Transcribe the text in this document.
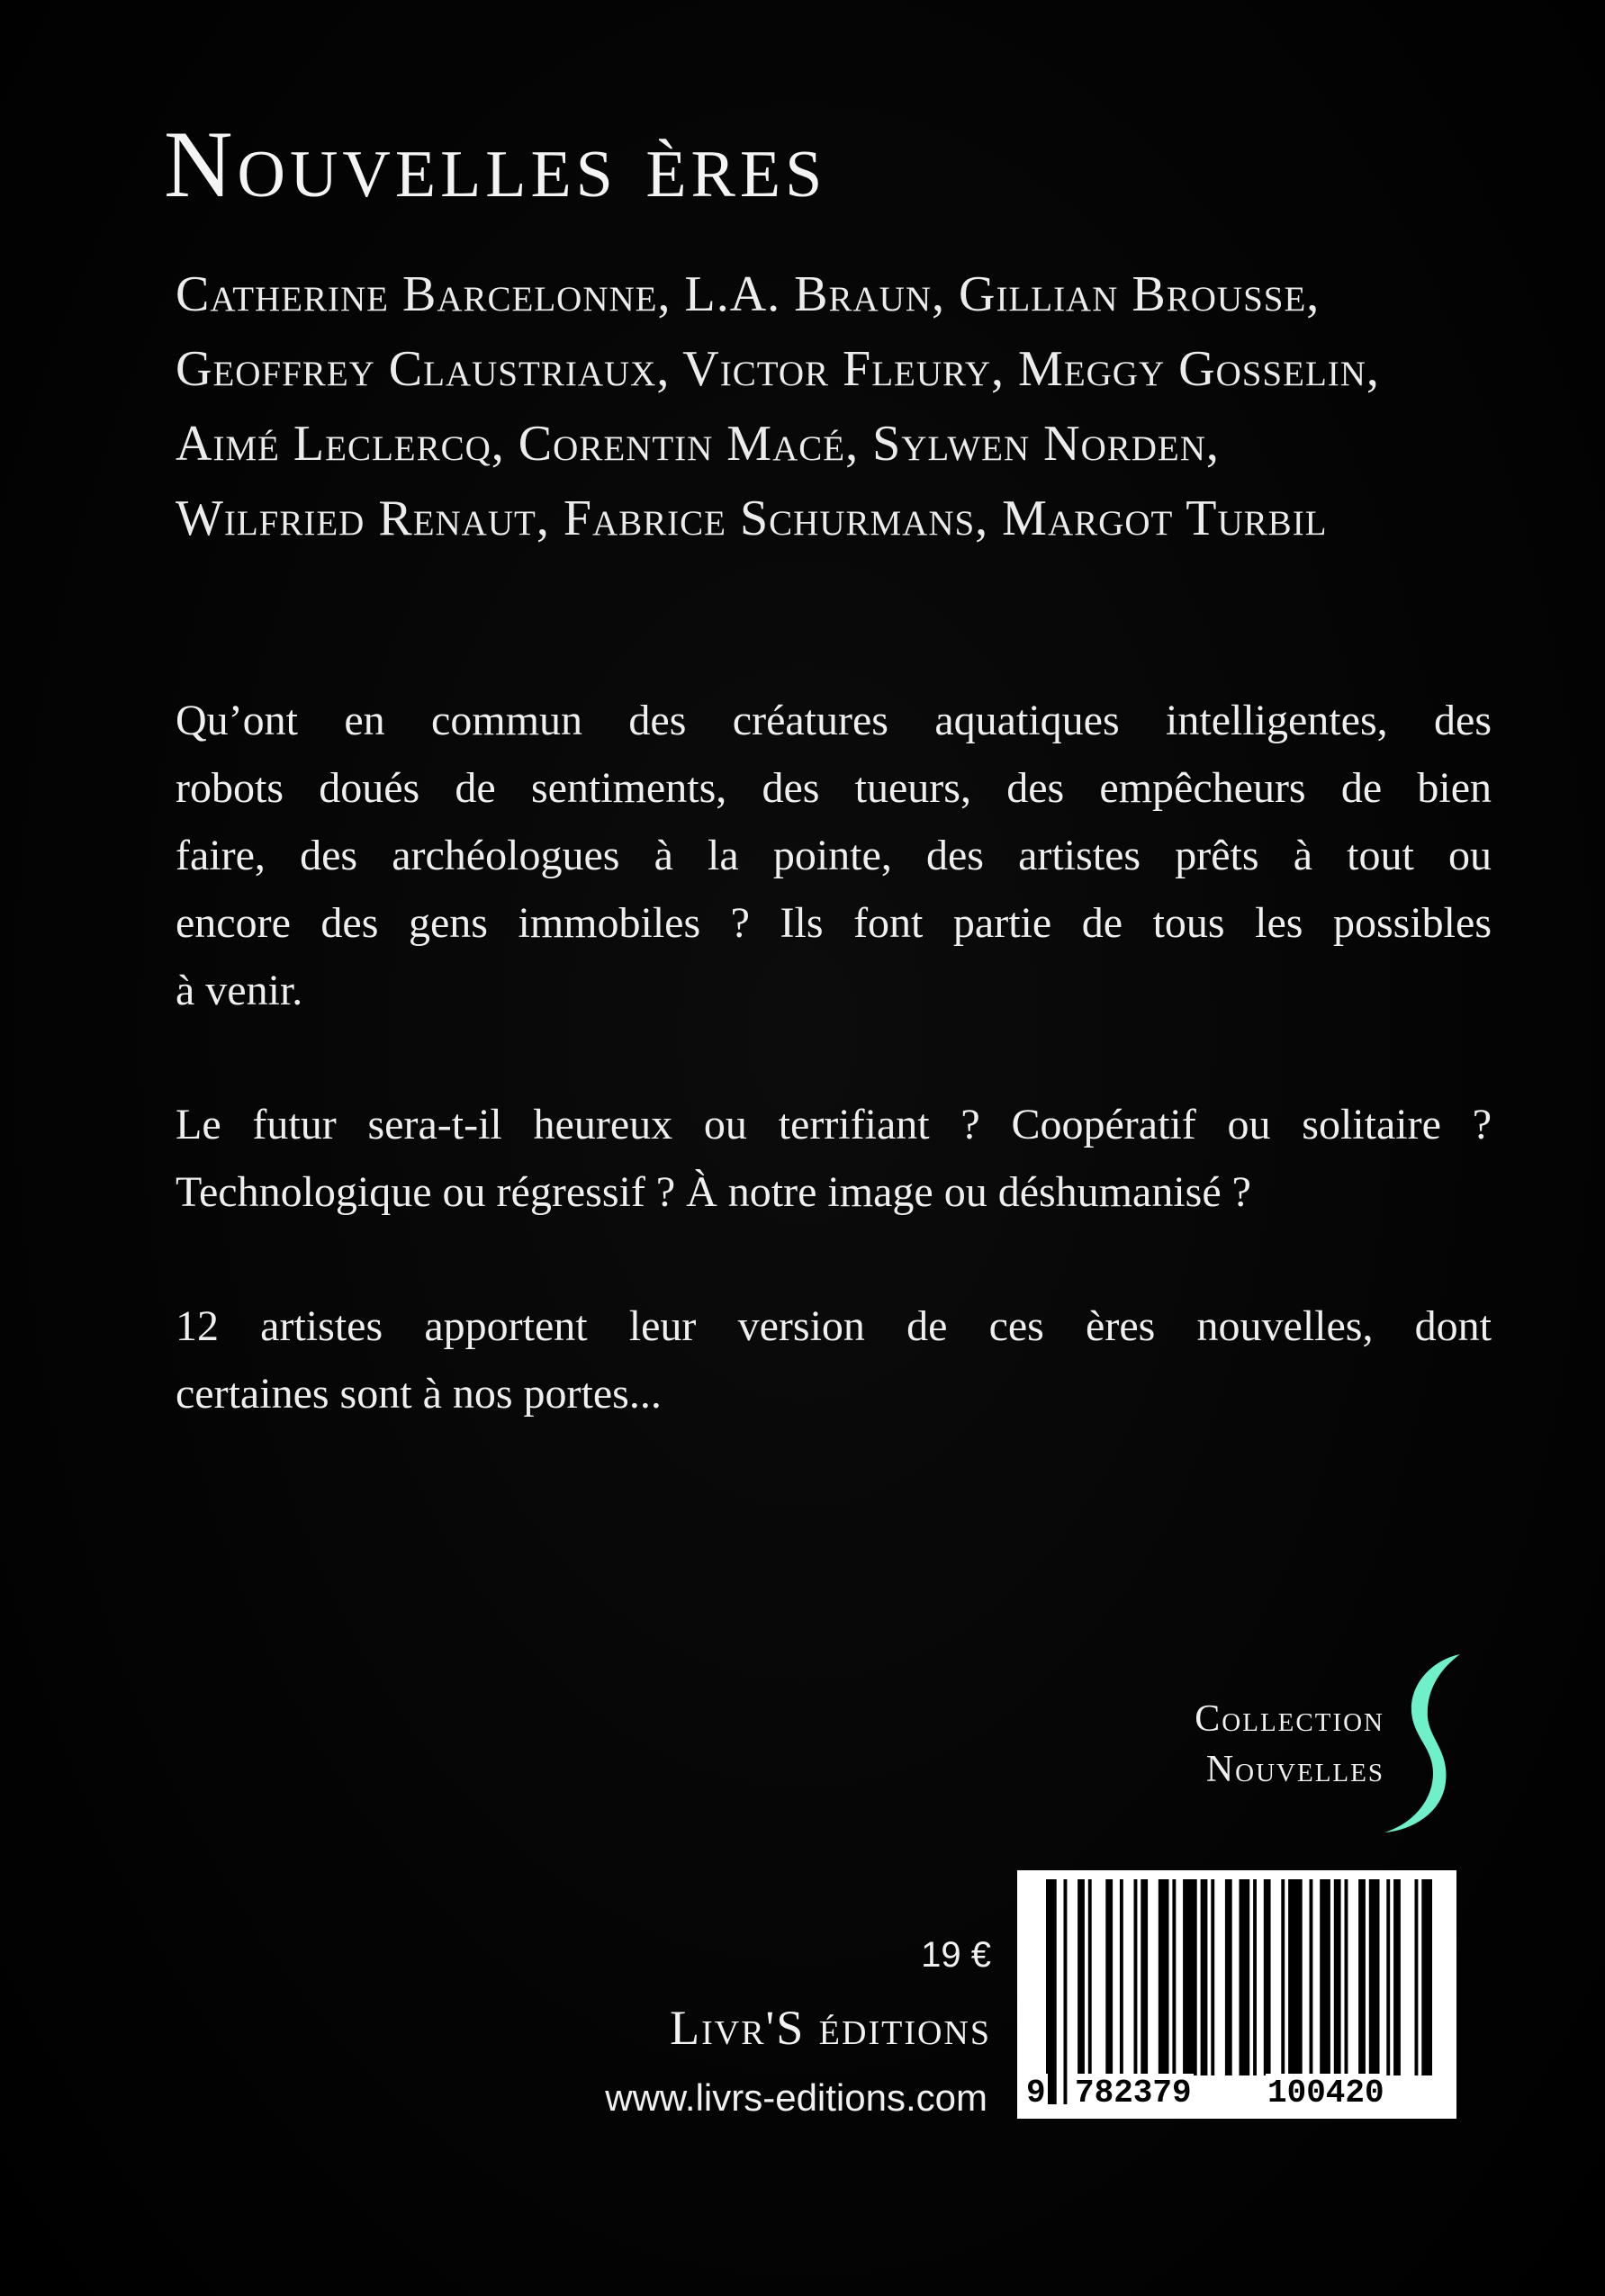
Nouvelles ères
Catherine Barcelonne, L.A. Braun, Gillian Brousse,
Geoffrey Claustriaux, Victor Fleury, Meggy Gosselin,
Aimé Leclercq, Corentin Macé, Sylwen Norden,
Wilfried Renaut, Fabrice Schurmans, Margot Turbil
Qu’ont en commun des créatures aquatiques intelligentes, des
robots doués de sentiments, des tueurs, des empêcheurs de bien
faire, des archéologues à la pointe, des artistes prêts à tout ou
encore des gens immobiles ? Ils font partie de tous les possibles
à venir.
Le futur sera-t-il heureux ou terrifiant ? Coopératif ou solitaire ?
Technologique ou régressif ? À notre image ou déshumanisé ?
12 artistes apportent leur version de ces ères nouvelles, dont
certaines sont à nos portes...
Collection
Nouvelles
19 €
Livr'S éditions
www.livrs-editions.com 9 782379 100420
